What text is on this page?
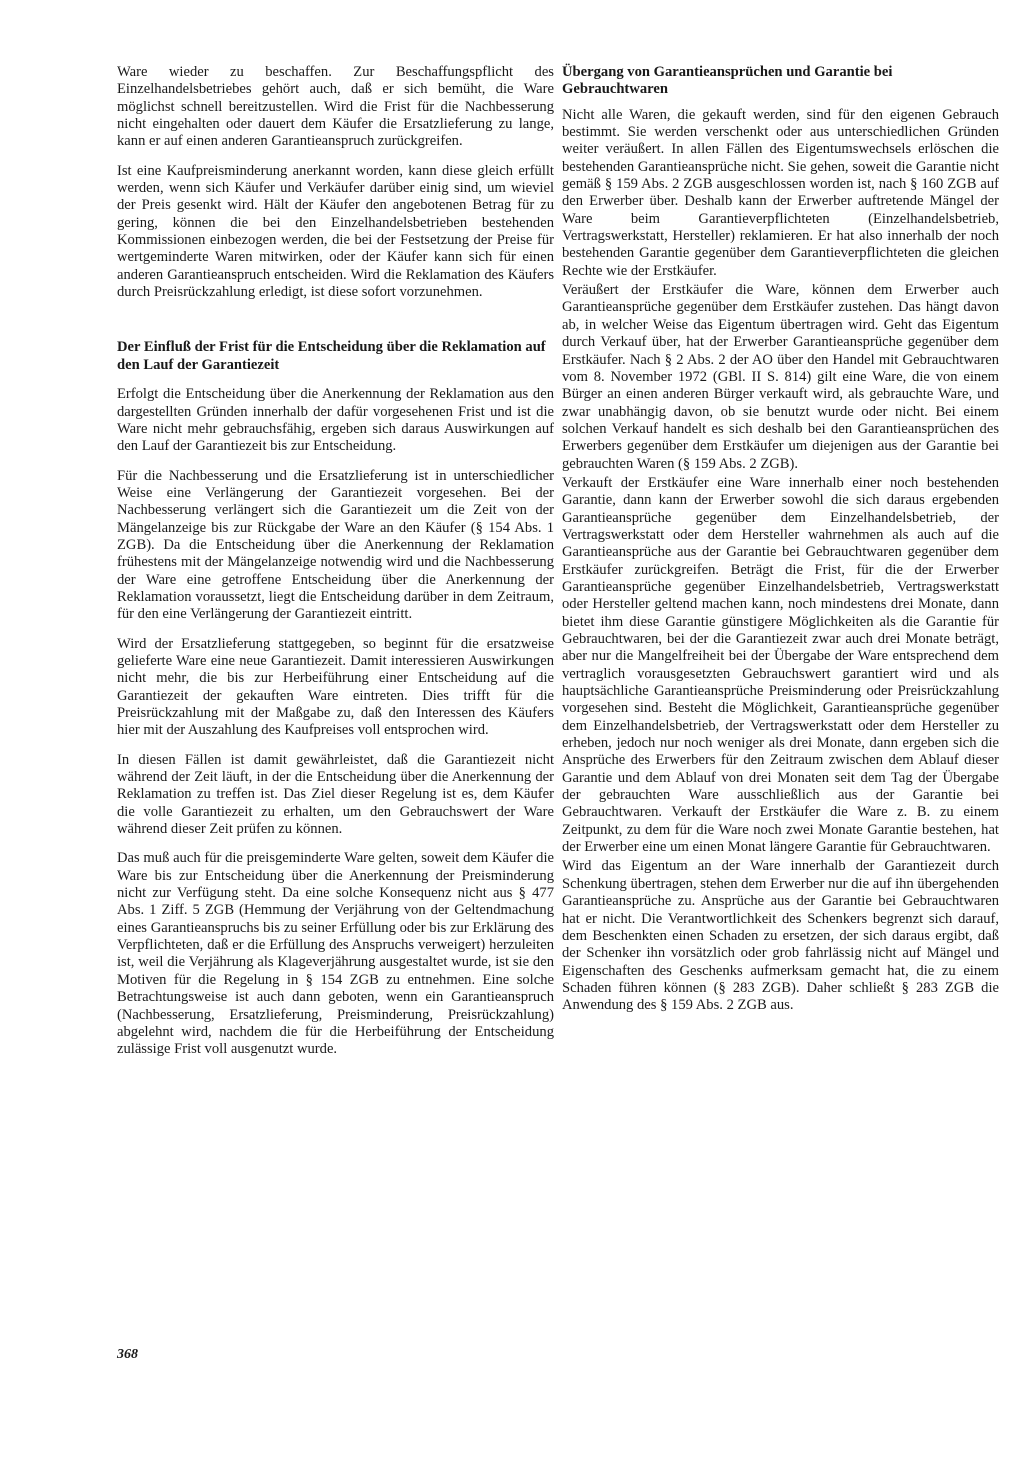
Ware wieder zu beschaffen. Zur Beschaffungspflicht des Einzelhandelsbetriebes gehört auch, daß er sich bemüht, die Ware möglichst schnell bereitzustellen. Wird die Frist für die Nachbesserung nicht eingehalten oder dauert dem Käufer die Ersatzlieferung zu lange, kann er auf einen anderen Garantieanspruch zurückgreifen.

Ist eine Kaufpreisminderung anerkannt worden, kann diese gleich erfüllt werden, wenn sich Käufer und Verkäufer darüber einig sind, um wieviel der Preis gesenkt wird. Hält der Käufer den angebotenen Betrag für zu gering, können die bei den Einzelhandelsbetrieben bestehenden Kommissionen einbezogen werden, die bei der Festsetzung der Preise für wertgeminderte Waren mitwirken, oder der Käufer kann sich für einen anderen Garantieanspruch entscheiden. Wird die Reklamation des Käufers durch Preisrückzahlung erledigt, ist diese sofort vorzunehmen.

Der Einfluß der Frist für die Entscheidung über die Reklamation auf den Lauf der Garantiezeit

Erfolgt die Entscheidung über die Anerkennung der Reklamation aus den dargestellten Gründen innerhalb der dafür vorgesehenen Frist und ist die Ware nicht mehr gebrauchsfähig, ergeben sich daraus Auswirkungen auf den Lauf der Garantiezeit bis zur Entscheidung.

Für die Nachbesserung und die Ersatzlieferung ist in unterschiedlicher Weise eine Verlängerung der Garantiezeit vorgesehen. Bei der Nachbesserung verlängert sich die Garantiezeit um die Zeit von der Mängelanzeige bis zur Rückgabe der Ware an den Käufer (§ 154 Abs. 1 ZGB). Da die Entscheidung über die Anerkennung der Reklamation frühestens mit der Mängelanzeige notwendig wird und die Nachbesserung der Ware eine getroffene Entscheidung über die Anerkennung der Reklamation voraussetzt, liegt die Entscheidung darüber in dem Zeitraum, für den eine Verlängerung der Garantiezeit eintritt.

Wird der Ersatzlieferung stattgegeben, so beginnt für die ersatzweise gelieferte Ware eine neue Garantiezeit. Damit interessieren Auswirkungen nicht mehr, die bis zur Herbeiführung einer Entscheidung auf die Garantiezeit der gekauften Ware eintreten. Dies trifft für die Preisrückzahlung mit der Maßgabe zu, daß den Interessen des Käufers hier mit der Auszahlung des Kaufpreises voll entsprochen wird.

In diesen Fällen ist damit gewährleistet, daß die Garantiezeit nicht während der Zeit läuft, in der die Entscheidung über die Anerkennung der Reklamation zu treffen ist. Das Ziel dieser Regelung ist es, dem Käufer die volle Garantiezeit zu erhalten, um den Gebrauchswert der Ware während dieser Zeit prüfen zu können.

Das muß auch für die preisgeminderte Ware gelten, soweit dem Käufer die Ware bis zur Entscheidung über die Anerkennung der Preisminderung nicht zur Verfügung steht. Da eine solche Konsequenz nicht aus § 477 Abs. 1 Ziff. 5 ZGB (Hemmung der Verjährung von der Geltendmachung eines Garantieanspruchs bis zu seiner Erfüllung oder bis zur Erklärung des Verpflichteten, daß er die Erfüllung des Anspruchs verweigert) herzuleiten ist, weil die Verjährung als Klageverjährung ausgestaltet wurde, ist sie den Motiven für die Regelung in § 154 ZGB zu entnehmen. Eine solche Betrachtungsweise ist auch dann geboten, wenn ein Garantieanspruch (Nachbesserung, Ersatzlieferung, Preisminderung, Preisrückzahlung) abgelehnt wird, nachdem die für die Herbeiführung der Entscheidung zulässige Frist voll ausgenutzt wurde.

Übergang von Garantieansprüchen und Garantie bei Gebrauchtwaren

Nicht alle Waren, die gekauft werden, sind für den eigenen Gebrauch bestimmt. Sie werden verschenkt oder aus unterschiedlichen Gründen weiter veräußert. In allen Fällen des Eigentumswechsels erlöschen die bestehenden Garantieansprüche nicht. Sie gehen, soweit die Garantie nicht gemäß § 159 Abs. 2 ZGB ausgeschlossen worden ist, nach § 160 ZGB auf den Erwerber über. Deshalb kann der Erwerber auftretende Mängel der Ware beim Garantieverpflichteten (Einzelhandelsbetrieb, Vertragswerkstatt, Hersteller) reklamieren. Er hat also innerhalb der noch bestehenden Garantie gegenüber dem Garantieverpflichteten die gleichen Rechte wie der Erstkäufer.

Veräußert der Erstkäufer die Ware, können dem Erwerber auch Garantieansprüche gegenüber dem Erstkäufer zustehen. Das hängt davon ab, in welcher Weise das Eigentum übertragen wird. Geht das Eigentum durch Verkauf über, hat der Erwerber Garantieansprüche gegenüber dem Erstkäufer. Nach § 2 Abs. 2 der AO über den Handel mit Gebrauchtwaren vom 8. November 1972 (GBl. II S. 814) gilt eine Ware, die von einem Bürger an einen anderen Bürger verkauft wird, als gebrauchte Ware, und zwar unabhängig davon, ob sie benutzt wurde oder nicht. Bei einem solchen Verkauf handelt es sich deshalb bei den Garantieansprüchen des Erwerbers gegenüber dem Erstkäufer um diejenigen aus der Garantie bei gebrauchten Waren (§ 159 Abs. 2 ZGB).

Verkauft der Erstkäufer eine Ware innerhalb einer noch bestehenden Garantie, dann kann der Erwerber sowohl die sich daraus ergebenden Garantieansprüche gegenüber dem Einzelhandelsbetrieb, der Vertragswerkstatt oder dem Hersteller wahrnehmen als auch auf die Garantieansprüche aus der Garantie bei Gebrauchtwaren gegenüber dem Erstkäufer zurückgreifen. Beträgt die Frist, für die der Erwerber Garantieansprüche gegenüber Einzelhandelsbetrieb, Vertragswerkstatt oder Hersteller geltend machen kann, noch mindestens drei Monate, dann bietet ihm diese Garantie günstigere Möglichkeiten als die Garantie für Gebrauchtwaren, bei der die Garantiezeit zwar auch drei Monate beträgt, aber nur die Mangelfreiheit bei der Übergabe der Ware entsprechend dem vertraglich vorausgesetzten Gebrauchswert garantiert wird und als hauptsächliche Garantieansprüche Preisminderung oder Preisrückzahlung vorgesehen sind. Besteht die Möglichkeit, Garantieansprüche gegenüber dem Einzelhandelsbetrieb, der Vertragswerkstatt oder dem Hersteller zu erheben, jedoch nur noch weniger als drei Monate, dann ergeben sich die Ansprüche des Erwerbers für den Zeitraum zwischen dem Ablauf dieser Garantie und dem Ablauf von drei Monaten seit dem Tag der Übergabe der gebrauchten Ware ausschließlich aus der Garantie bei Gebrauchtwaren. Verkauft der Erstkäufer die Ware z. B. zu einem Zeitpunkt, zu dem für die Ware noch zwei Monate Garantie bestehen, hat der Erwerber eine um einen Monat längere Garantie für Gebrauchtwaren.

Wird das Eigentum an der Ware innerhalb der Garantiezeit durch Schenkung übertragen, stehen dem Erwerber nur die auf ihn übergehenden Garantieansprüche zu. Ansprüche aus der Garantie bei Gebrauchtwaren hat er nicht. Die Verantwortlichkeit des Schenkers begrenzt sich darauf, dem Beschenkten einen Schaden zu ersetzen, der sich daraus ergibt, daß der Schenker ihn vorsätzlich oder grob fahrlässig nicht auf Mängel und Eigenschaften des Geschenks aufmerksam gemacht hat, die zu einem Schaden führen können (§ 283 ZGB). Daher schließt § 283 ZGB die Anwendung des § 159 Abs. 2 ZGB aus.

368
